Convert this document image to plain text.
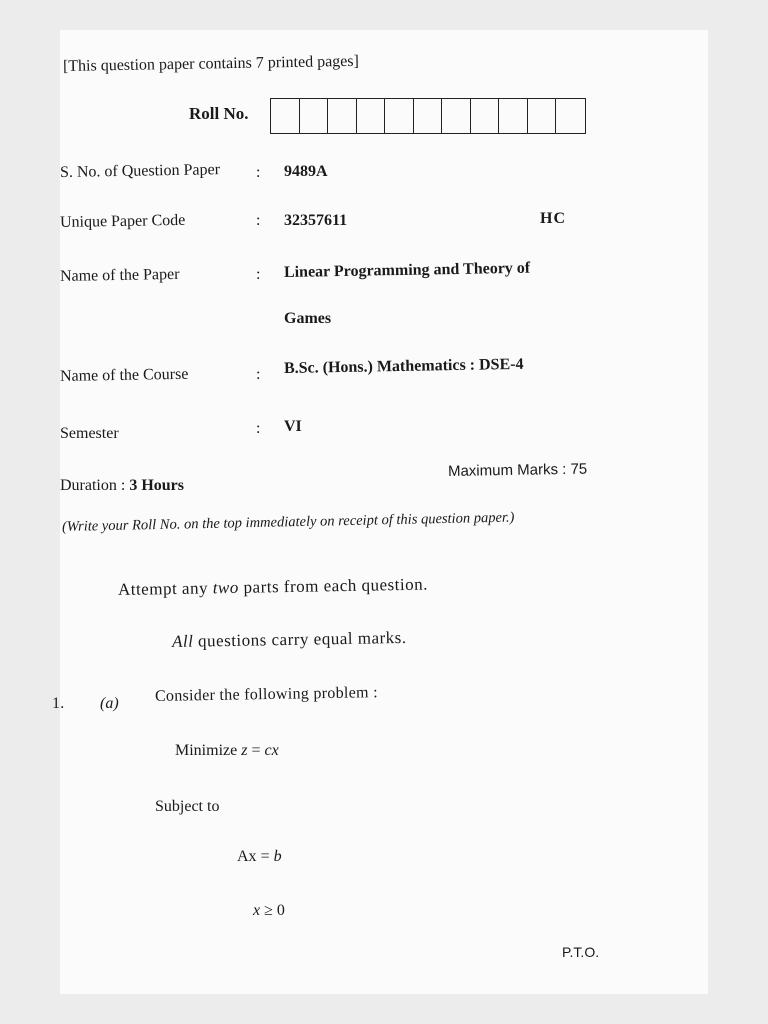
[This question paper contains 7 printed pages]
Roll No.
S. No. of Question Paper : 9489A
Unique Paper Code	: 32357611	HC
Name of the Paper	: Linear Programming and Theory of
Games
Name of the Course	: B.Sc. (Hons.) Mathematics : DSE-4
Semester	: VI
Duration : 3 Hours
Maximum Marks : 75
(Write your Roll No. on the top immediately on receipt of this question paper.)
Attempt any two parts from each question.
All questions carry equal marks.
1. (a) Consider the following problem :
Minimize z = cx
Subject to
Ax = b
x ≥ 0
P.T.O.
